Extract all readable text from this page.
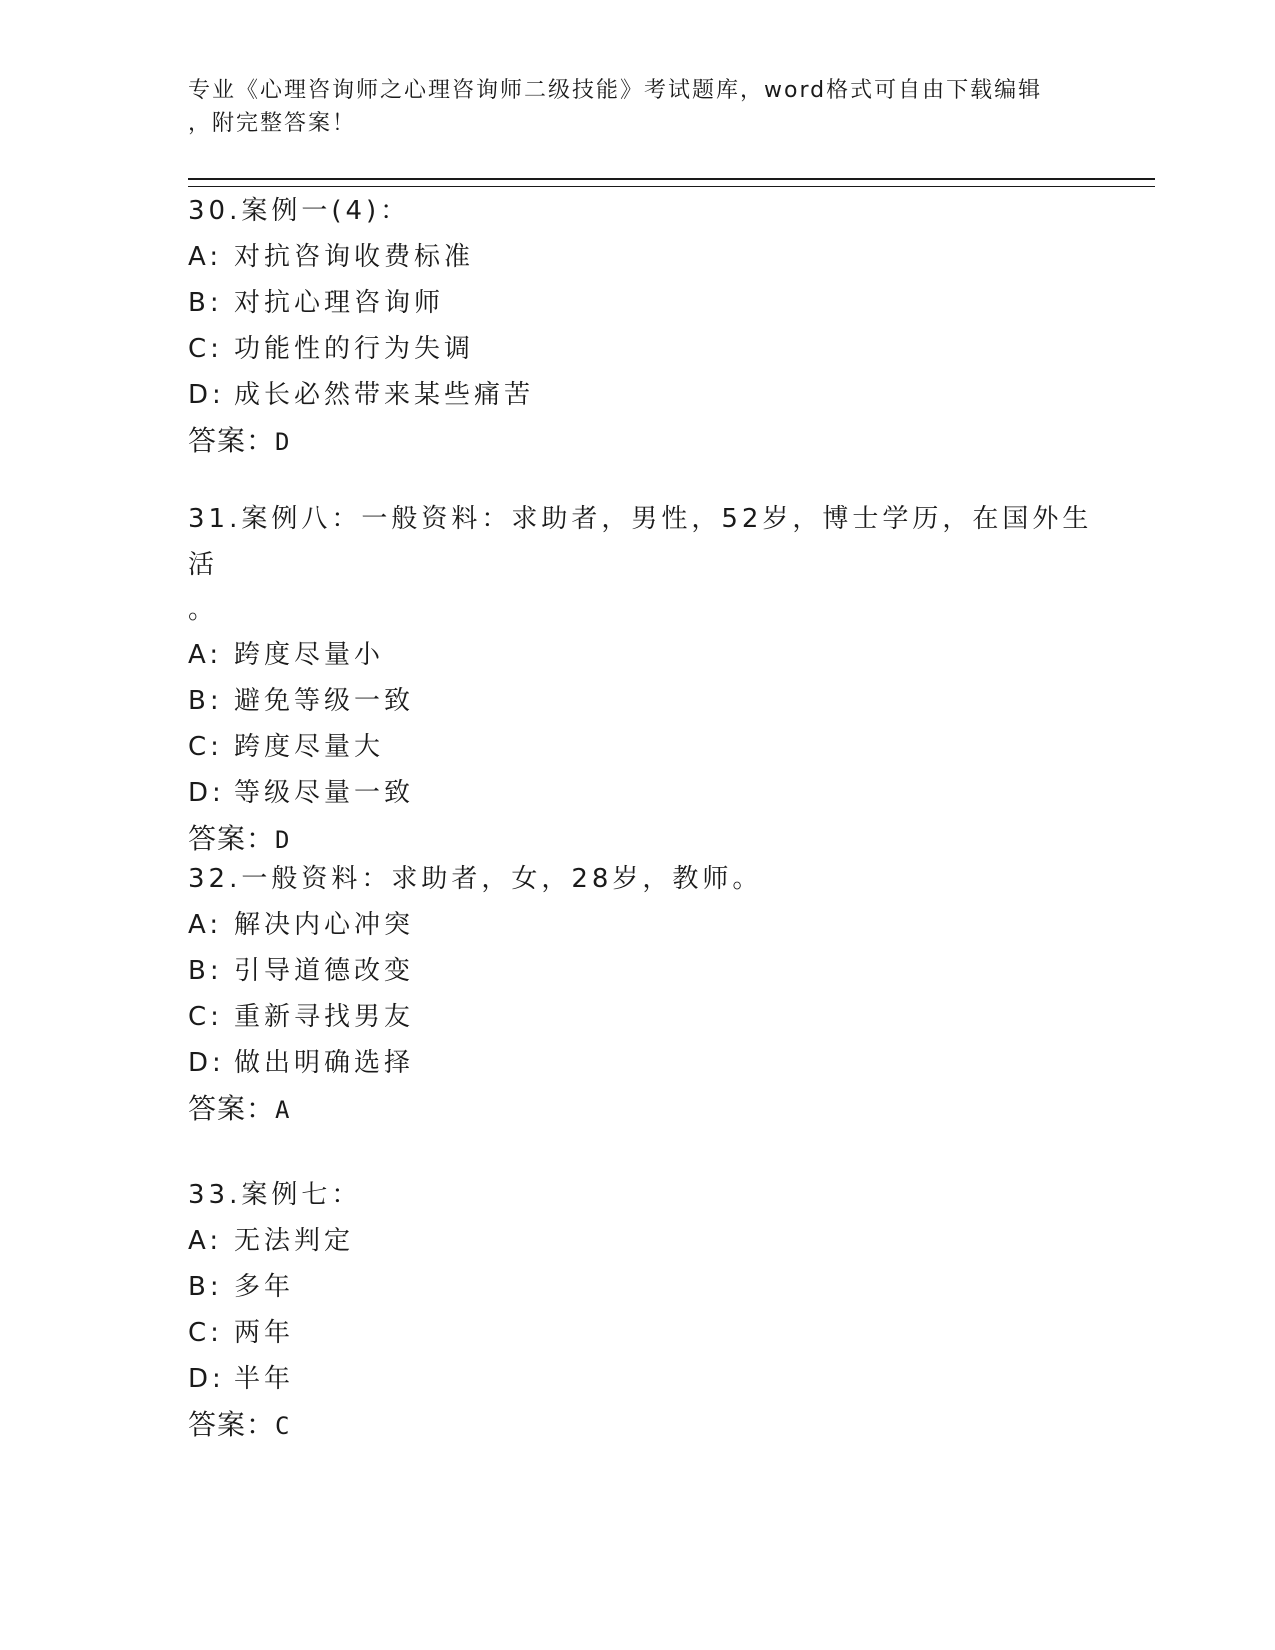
专业《心理咨询师之心理咨询师二级技能》考试题库，word格式可自由下载编辑
，附完整答案！
30.案例一(4)：
A: 对抗咨询收费标准
B: 对抗心理咨询师
C: 功能性的行为失调
D: 成长必然带来某些痛苦
答案：D
31.案例八：一般资料：求助者，男性，52岁，博士学历，在国外生活
。
A: 跨度尽量小
B: 避免等级一致
C: 跨度尽量大
D: 等级尽量一致
答案：D
32.一般资料：求助者，女，28岁，教师。
A: 解决内心冲突
B: 引导道德改变
C: 重新寻找男友
D: 做出明确选择
答案：A
33.案例七：
A: 无法判定
B: 多年
C: 两年
D: 半年
答案：C
